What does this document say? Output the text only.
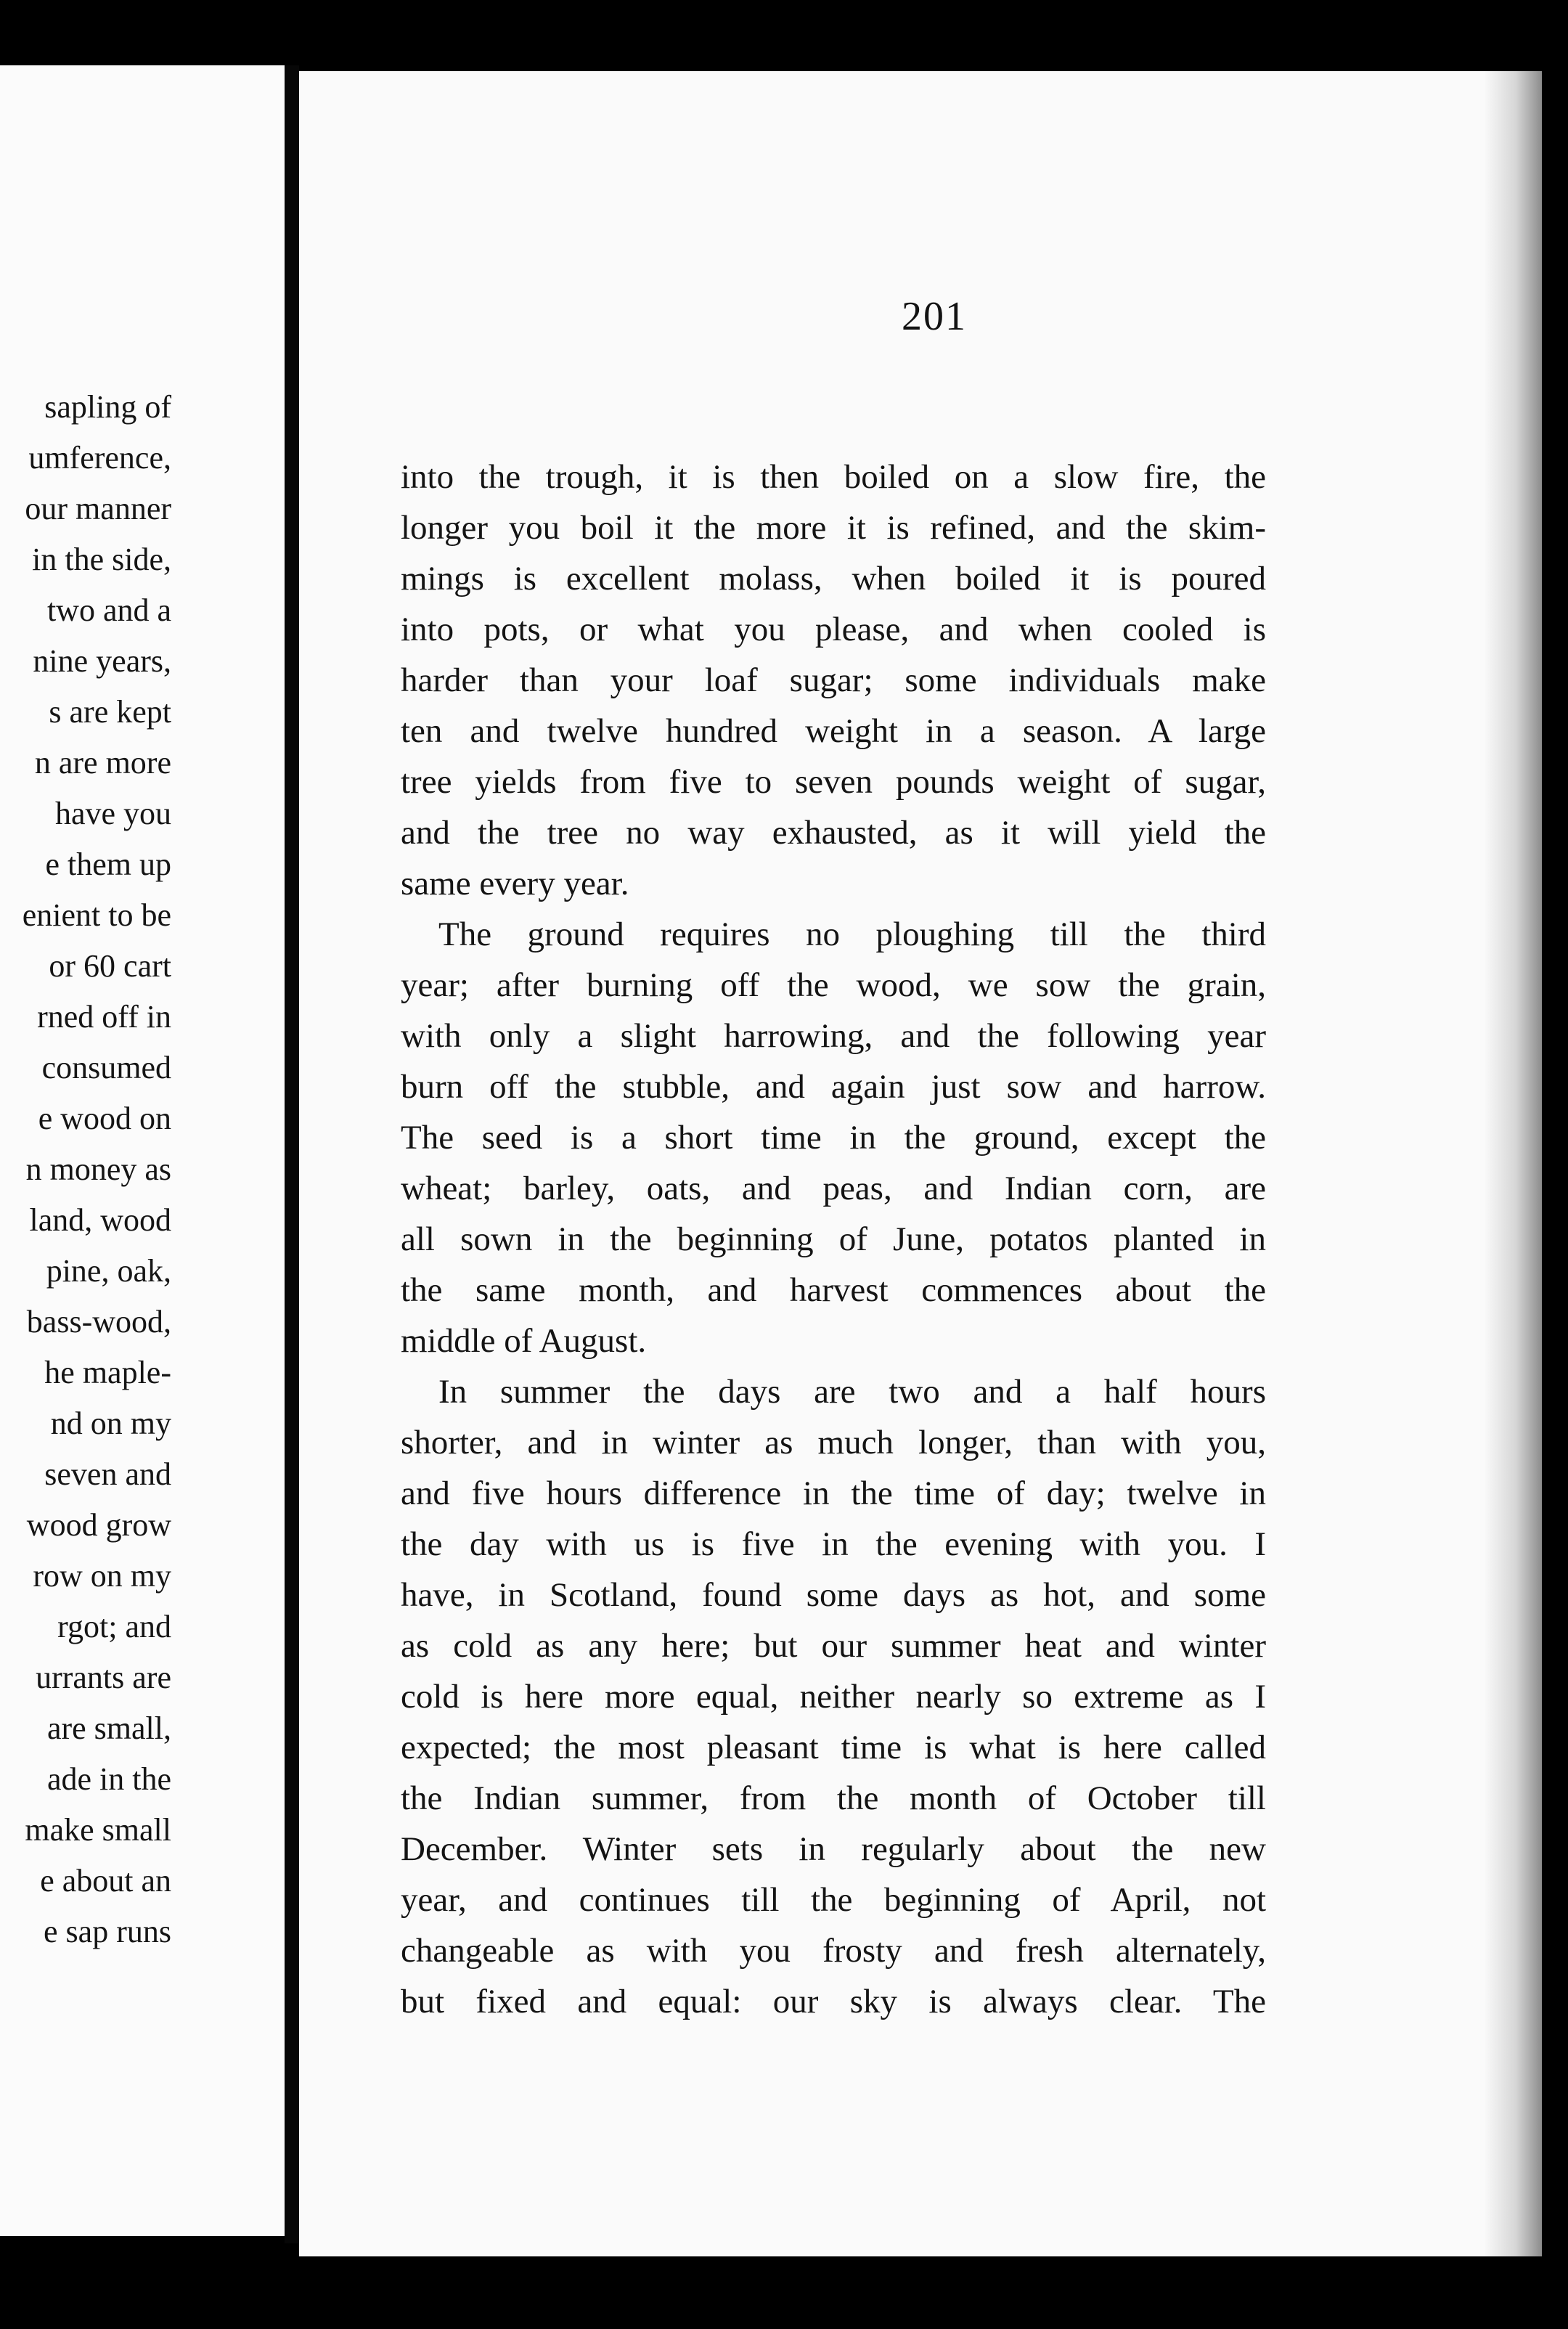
sapling of
umference,
our manner
in the side,
two and a
nine years,
s are kept
n are more
have you
e them up
enient to be
or 60 cart
rned off in
consumed
e wood on
n money as
land, wood
pine, oak,
bass-wood,
he maple-
nd on my
seven and
wood grow
row on my
rgot; and
urrants are
are small,
ade in the
make small
e about an
e sap runs
201
into the trough, it is then boiled on a slow fire, the
longer you boil it the more it is refined, and the skim-
mings is excellent molass, when boiled it is poured
into pots, or what you please, and when cooled is
harder than your loaf sugar; some individuals make
ten and twelve hundred weight in a season. A large
tree yields from five to seven pounds weight of sugar,
and the tree no way exhausted, as it will yield the
same every year.
The ground requires no ploughing till the third
year; after burning off the wood, we sow the grain,
with only a slight harrowing, and the following year
burn off the stubble, and again just sow and harrow.
The seed is a short time in the ground, except the
wheat; barley, oats, and peas, and Indian corn, are
all sown in the beginning of June, potatos planted in
the same month, and harvest commences about the
middle of August.
In summer the days are two and a half hours
shorter, and in winter as much longer, than with you,
and five hours difference in the time of day; twelve in
the day with us is five in the evening with you. I
have, in Scotland, found some days as hot, and some
as cold as any here; but our summer heat and winter
cold is here more equal, neither nearly so extreme as I
expected; the most pleasant time is what is here called
the Indian summer, from the month of October till
December. Winter sets in regularly about the new
year, and continues till the beginning of April, not
changeable as with you frosty and fresh alternately,
but fixed and equal: our sky is always clear. The
